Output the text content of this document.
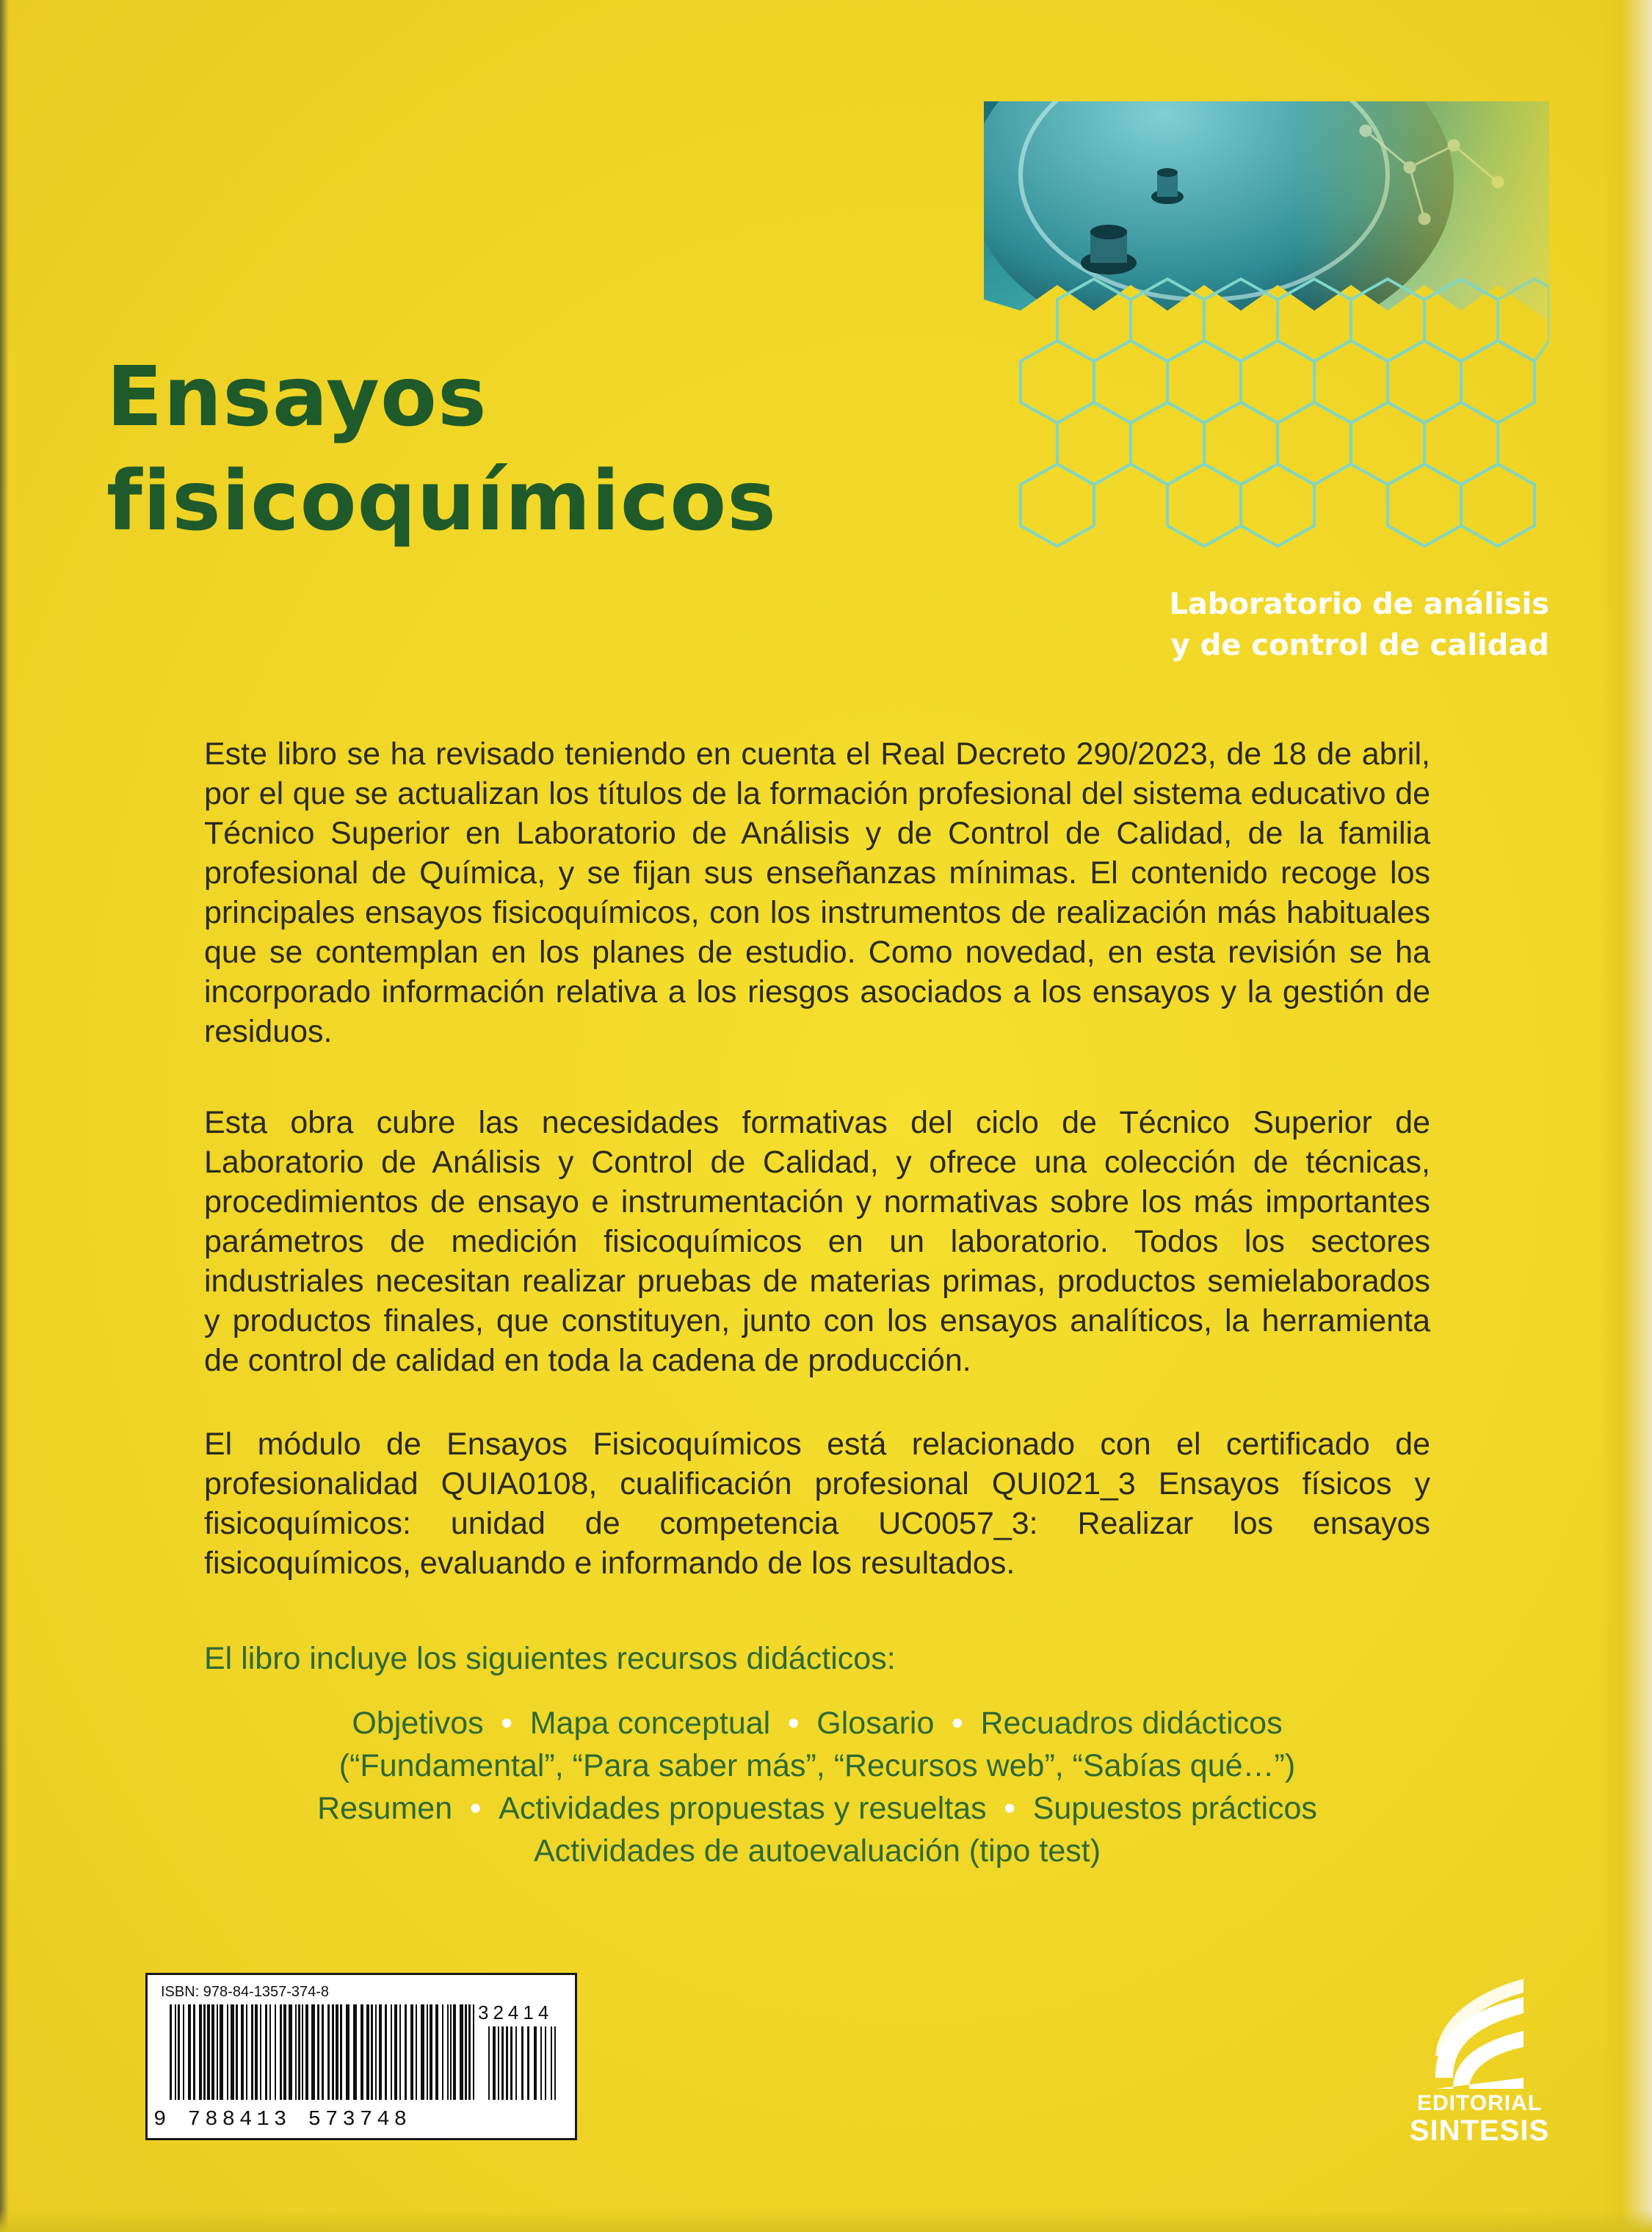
Ensayos
fisicoquímicos
Laboratorio de análisis
y de control de calidad

Este libro se ha revisado teniendo en cuenta el Real Decreto 290/2023, de 18 de abril, por el que se actualizan los títulos de la formación profesional del sistema educativo de Técnico Superior en Laboratorio de Análisis y de Control de Calidad, de la familia profesional de Química, y se fijan sus enseñanzas mínimas. El contenido recoge los principales ensayos fisicoquímicos, con los instrumentos de realización más habituales que se contemplan en los planes de estudio. Como novedad, en esta revisión se ha incorporado información relativa a los riesgos asociados a los ensayos y la gestión de residuos.

Esta obra cubre las necesidades formativas del ciclo de Técnico Superior de Laboratorio de Análisis y Control de Calidad, y ofrece una colección de técnicas, procedimientos de ensayo e instrumentación y normativas sobre los más importantes parámetros de medición fisicoquímicos en un laboratorio. Todos los sectores industriales necesitan realizar pruebas de materias primas, productos semielaborados y productos finales, que constituyen, junto con los ensayos analíticos, la herramienta de control de calidad en toda la cadena de producción.

El módulo de Ensayos Fisicoquímicos está relacionado con el certificado de profesionalidad QUIA0108, cualificación profesional QUI021_3 Ensayos físicos y fisicoquímicos: unidad de competencia UC0057_3: Realizar los ensayos fisicoquímicos, evaluando e informando de los resultados.

El libro incluye los siguientes recursos didácticos:
Objetivos • Mapa conceptual • Glosario • Recuadros didácticos
(“Fundamental”, “Para saber más”, “Recursos web”, “Sabías qué…”)
Resumen • Actividades propuestas y resueltas • Supuestos prácticos
Actividades de autoevaluación (tipo test)
ISBN: 978-84-1357-374-8
32414
9 788413 573748
EDITORIAL
SINTESIS
